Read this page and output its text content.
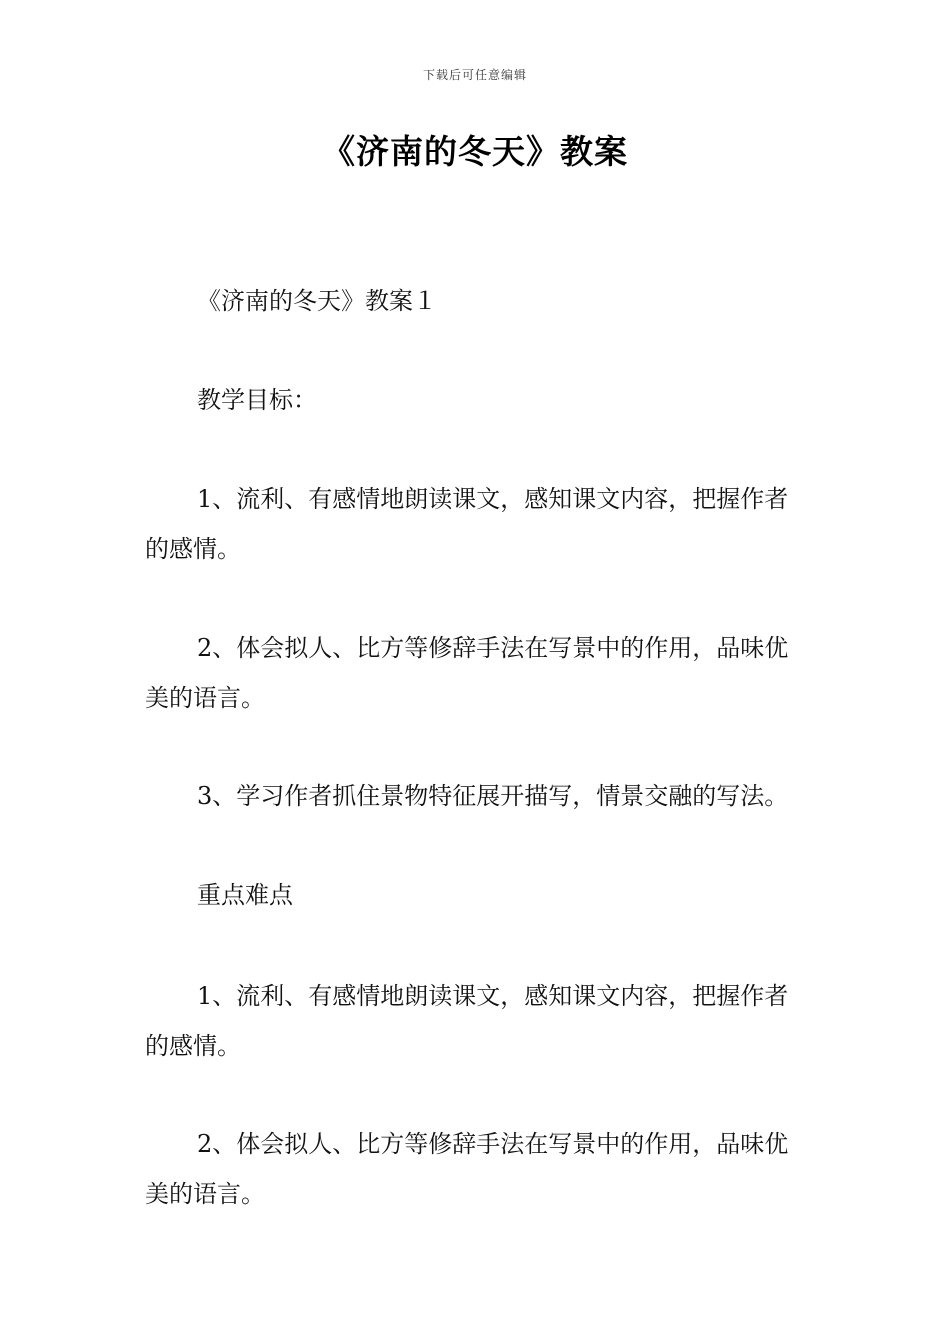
下载后可任意编辑
《济南的冬天》教案

《济南的冬天》教案１

教学目标：

1、流利、有感情地朗读课文，感知课文内容，把握作者的感情。

2、体会拟人、比方等修辞手法在写景中的作用，品味优美的语言。

3、学习作者抓住景物特征展开描写，情景交融的写法。

重点难点

1、流利、有感情地朗读课文，感知课文内容，把握作者的感情。

2、体会拟人、比方等修辞手法在写景中的作用，品味优美的语言。
